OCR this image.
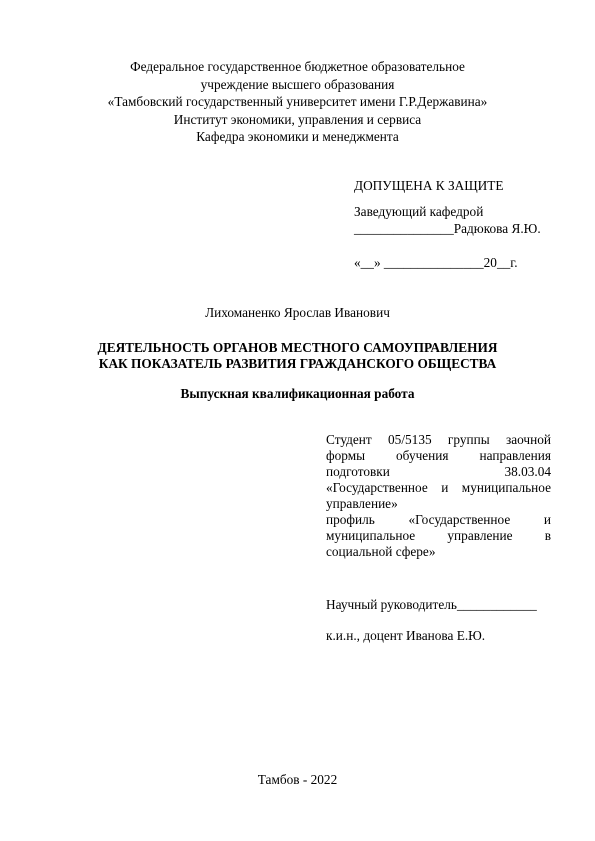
Федеральное государственное бюджетное образовательное
учреждение высшего образования
«Тамбовский государственный университет имени Г.Р.Державина»
Институт экономики, управления и сервиса
Кафедра экономики и менеджмента
ДОПУЩЕНА К ЗАЩИТЕ
Заведующий кафедрой
_______________Радюкова Я.Ю.
«__» _______________20__г.
Лихоманенко Ярослав Иванович
ДЕЯТЕЛЬНОСТЬ ОРГАНОВ МЕСТНОГО САМОУПРАВЛЕНИЯ
КАК ПОКАЗАТЕЛЬ РАЗВИТИЯ ГРАЖДАНСКОГО ОБЩЕСТВА
Выпускная квалификационная работа
Студент 05/5135 группы заочной
формы обучения направления
подготовки 38.03.04
«Государственное и муниципальное
управление»
профиль «Государственное и
муниципальное управление в
социальной сфере»
Научный руководитель____________
к.и.н., доцент Иванова Е.Ю.
Тамбов - 2022
